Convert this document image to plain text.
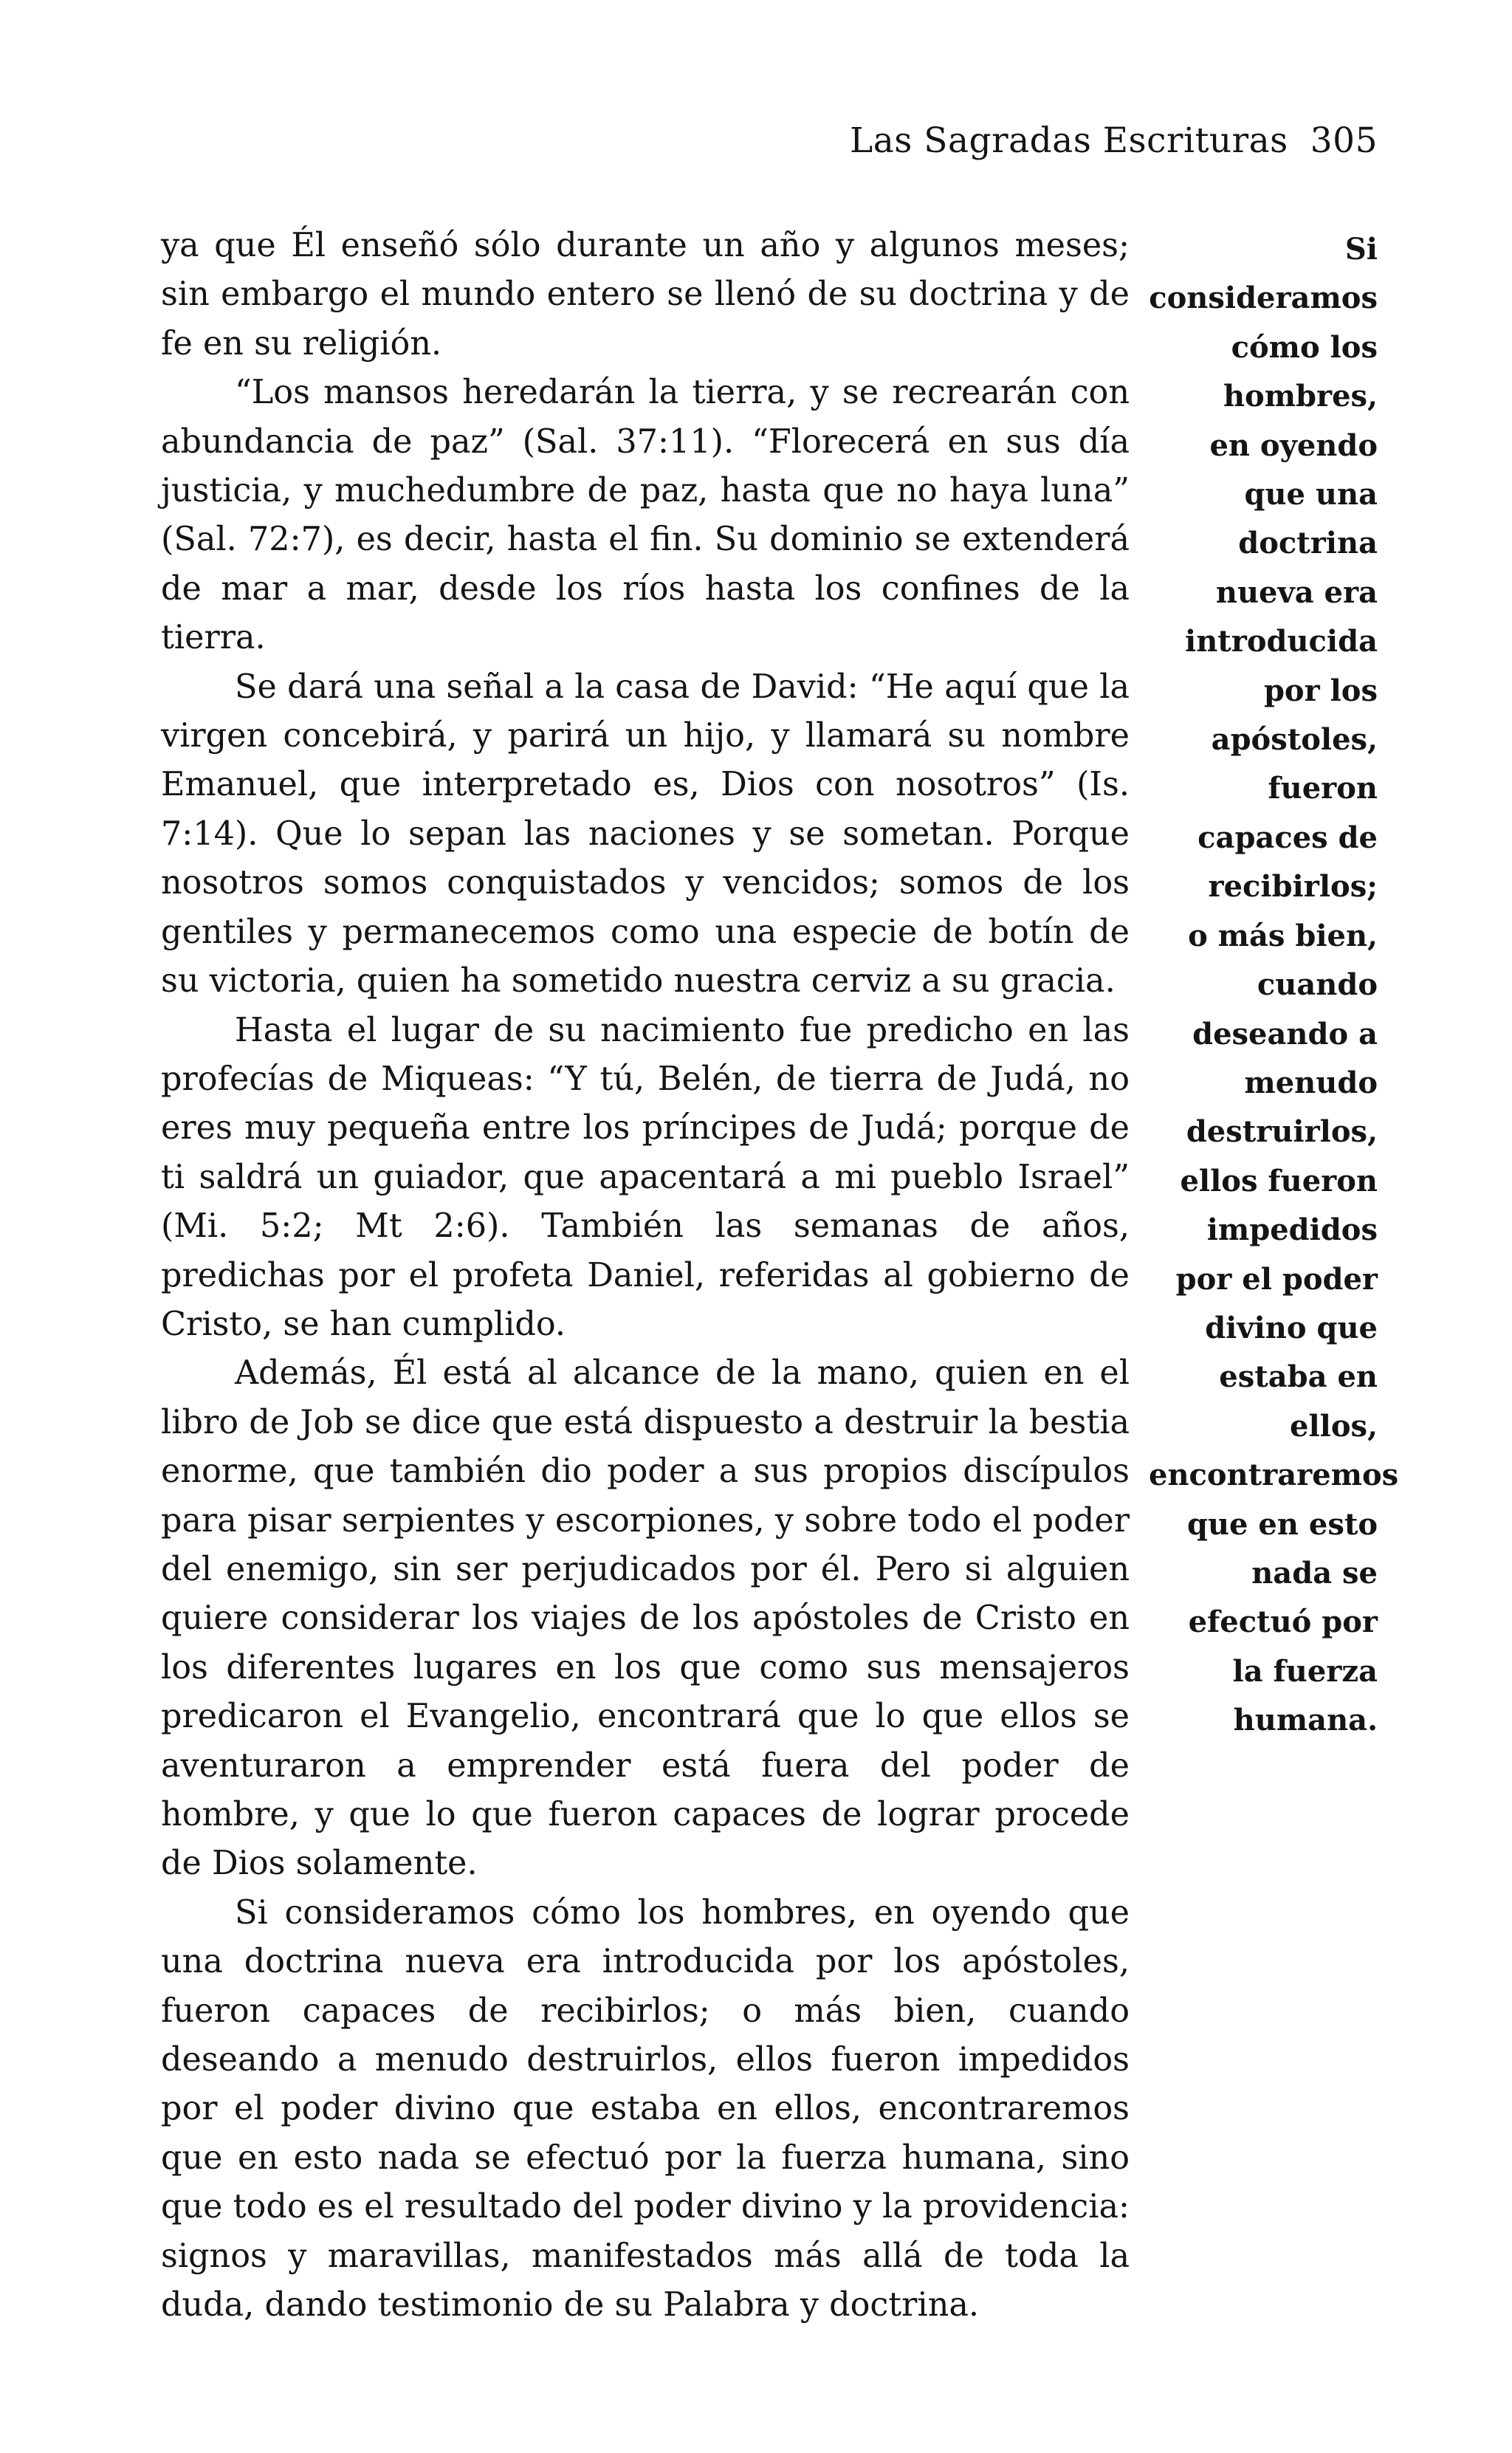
Las Sagradas Escrituras 305

ya que Él enseñó sólo durante un año y algunos meses; sin embargo el mundo entero se llenó de su doctrina y de fe en su religión.

“Los mansos heredarán la tierra, y se recrearán con abundancia de paz” (Sal. 37:11). “Florecerá en sus día justicia, y muchedumbre de paz, hasta que no haya luna” (Sal. 72:7), es decir, hasta el fin. Su dominio se extenderá de mar a mar, desde los ríos hasta los confines de la tierra.

Se dará una señal a la casa de David: “He aquí que la virgen concebirá, y parirá un hijo, y llamará su nombre Emanuel, que interpretado es, Dios con nosotros” (Is. 7:14). Que lo sepan las naciones y se sometan. Porque nosotros somos conquistados y vencidos; somos de los gentiles y permanecemos como una especie de botín de su victoria, quien ha sometido nuestra cerviz a su gracia.

Hasta el lugar de su nacimiento fue predicho en las profecías de Miqueas: “Y tú, Belén, de tierra de Judá, no eres muy pequeña entre los príncipes de Judá; porque de ti saldrá un guiador, que apacentará a mi pueblo Israel” (Mi. 5:2; Mt 2:6). También las semanas de años, predichas por el profeta Daniel, referidas al gobierno de Cristo, se han cumplido.

Además, Él está al alcance de la mano, quien en el libro de Job se dice que está dispuesto a destruir la bestia enorme, que también dio poder a sus propios discípulos para pisar serpientes y escorpiones, y sobre todo el poder del enemigo, sin ser perjudicados por él. Pero si alguien quiere considerar los viajes de los apóstoles de Cristo en los diferentes lugares en los que como sus mensajeros predicaron el Evangelio, encontrará que lo que ellos se aventuraron a emprender está fuera del poder de hombre, y que lo que fueron capaces de lograr procede de Dios solamente.

Si consideramos cómo los hombres, en oyendo que una doctrina nueva era introducida por los apóstoles, fueron capaces de recibirlos; o más bien, cuando deseando a menudo destruirlos, ellos fueron impedidos por el poder divino que estaba en ellos, encontraremos que en esto nada se efectuó por la fuerza humana, sino que todo es el resultado del poder divino y la providencia: signos y maravillas, manifestados más allá de toda la duda, dando testimonio de su Palabra y doctrina.

Si
consideramos
cómo los
hombres,
en oyendo
que una
doctrina
nueva era
introducida
por los
apóstoles,
fueron
capaces de
recibirlos;
o más bien,
cuando
deseando a
menudo
destruirlos,
ellos fueron
impedidos
por el poder
divino que
estaba en
ellos,
encontraremos
que en esto
nada se
efectuó por
la fuerza
humana.
